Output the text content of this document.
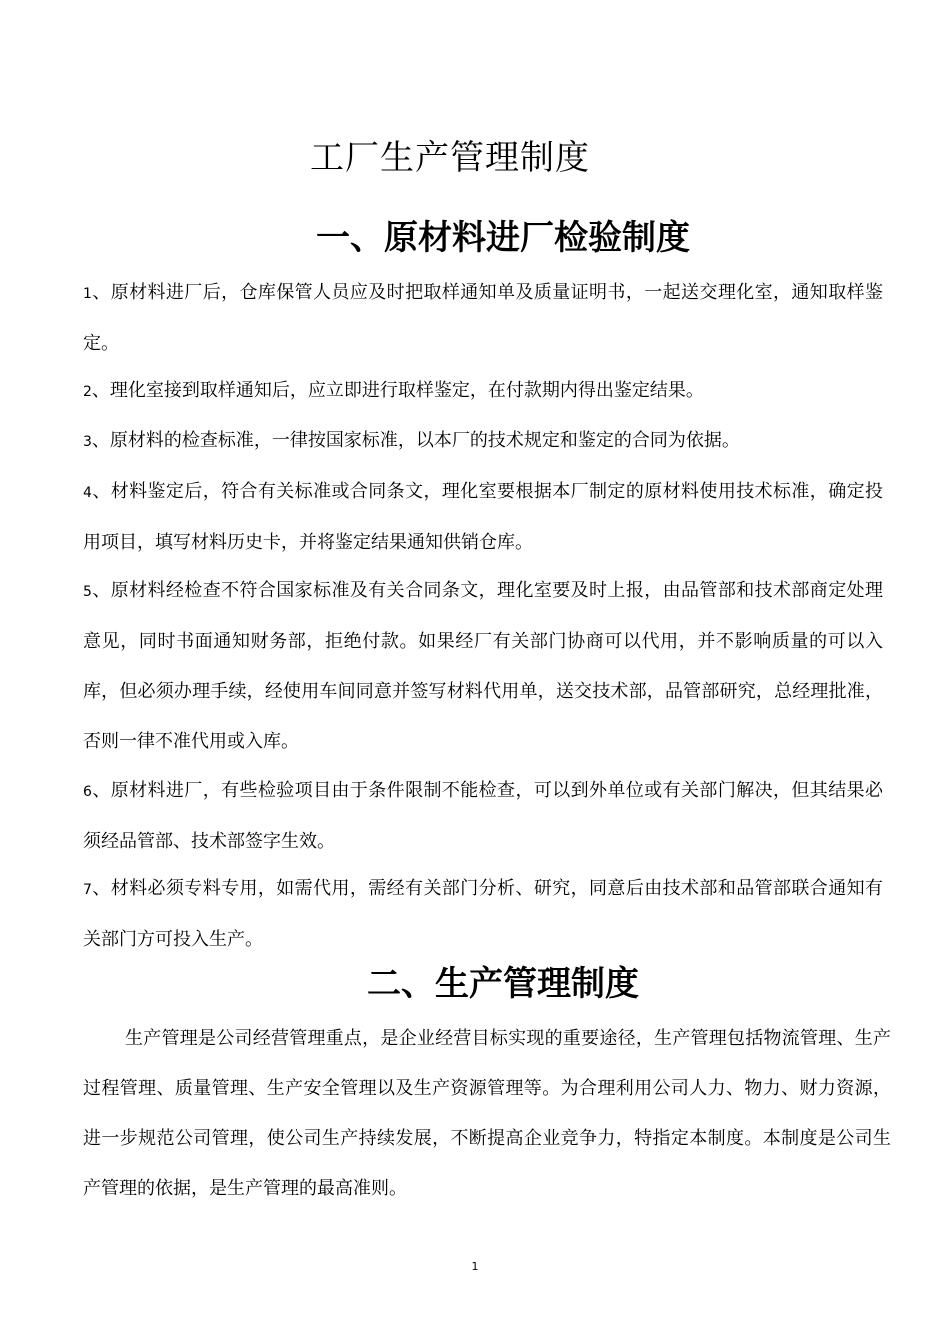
工厂生产管理制度
一、原材料进厂检验制度

1、原材料进厂后，仓库保管人员应及时把取样通知单及质量证明书，一起送交理化室，通知取样鉴定。

2、理化室接到取样通知后，应立即进行取样鉴定，在付款期内得出鉴定结果。

3、原材料的检查标准，一律按国家标准，以本厂的技术规定和鉴定的合同为依据。

4、材料鉴定后，符合有关标准或合同条文，理化室要根据本厂制定的原材料使用技术标准，确定投用项目，填写材料历史卡，并将鉴定结果通知供销仓库。

5、原材料经检查不符合国家标准及有关合同条文，理化室要及时上报，由品管部和技术部商定处理意见，同时书面通知财务部，拒绝付款。如果经厂有关部门协商可以代用，并不影响质量的可以入库，但必须办理手续，经使用车间同意并签写材料代用单，送交技术部，品管部研究，总经理批准，否则一律不准代用或入库。

6、原材料进厂，有些检验项目由于条件限制不能检查，可以到外单位或有关部门解决，但其结果必须经品管部、技术部签字生效。

7、材料必须专料专用，如需代用，需经有关部门分析、研究，同意后由技术部和品管部联合通知有关部门方可投入生产。

二、生产管理制度

生产管理是公司经营管理重点，是企业经营目标实现的重要途径，生产管理包括物流管理、生产过程管理、质量管理、生产安全管理以及生产资源管理等。为合理利用公司人力、物力、财力资源，进一步规范公司管理，使公司生产持续发展，不断提高企业竞争力，特指定本制度。本制度是公司生产管理的依据，是生产管理的最高准则。

1
